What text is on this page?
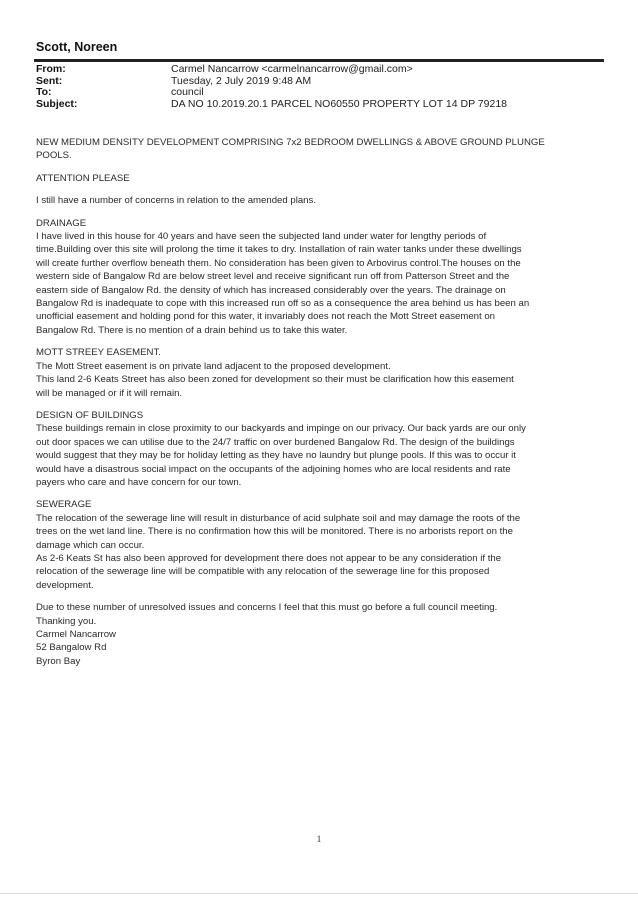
Scott, Noreen
From:	Carmel Nancarrow <carmelnancarrow@gmail.com>
Sent:	Tuesday, 2 July 2019 9:48 AM
To:	council
Subject:	DA NO 10.2019.20.1 PARCEL NO60550 PROPERTY LOT 14 DP 79218

NEW MEDIUM DENSITY DEVELOPMENT COMPRISING 7x2 BEDROOM DWELLINGS & ABOVE GROUND PLUNGE
POOLS.

ATTENTION PLEASE

I still have a number of concerns in relation to the amended plans.

DRAINAGE
I have lived in this house for 40 years and have seen the subjected land under water for lengthy periods of
time.Building over this site will prolong the time it takes to dry. Installation of rain water tanks under these dwellings
will create further overflow beneath them. No consideration has been given to Arbovirus control.The houses on the
western side of Bangalow Rd are below street level and receive significant run off from Patterson Street and the
eastern side of Bangalow Rd. the density of which has increased considerably over the years. The drainage on
Bangalow Rd is inadequate to cope with this increased run off so as a consequence the area behind us has been an
unofficial easement and holding pond for this water, it invariably does not reach the Mott Street easement on
Bangalow Rd. There is no mention of a drain behind us to take this water.

MOTT STREEY EASEMENT.
The Mott Street easement is on private land adjacent to the proposed development.
This land 2-6 Keats Street has also been zoned for development so their must be clarification how this easement
will be managed or if it will remain.

DESIGN OF BUILDINGS
These buildings remain in close proximity to our backyards and impinge on our privacy. Our back yards are our only
out door spaces we can utilise due to the 24/7 traffic on over burdened Bangalow Rd. The design of the buildings
would suggest that they may be for holiday letting as they have no laundry but plunge pools. If this was to occur it
would have a disastrous social impact on the occupants of the adjoining homes who are local residents and rate
payers who care and have concern for our town.

SEWERAGE
The relocation of the sewerage line will result in disturbance of acid sulphate soil and may damage the roots of the
trees on the wet land line. There is no confirmation how this will be monitored. There is no arborists report on the
damage which can occur.
As 2-6 Keats St has also been approved for development there does not appear to be any consideration if the
relocation of the sewerage line will be compatible with any relocation of the sewerage line for this proposed
development.

Due to these number of unresolved issues and concerns I feel that this must go before a full council meeting.
Thanking you.
Carmel Nancarrow
52 Bangalow Rd
Byron Bay

1
